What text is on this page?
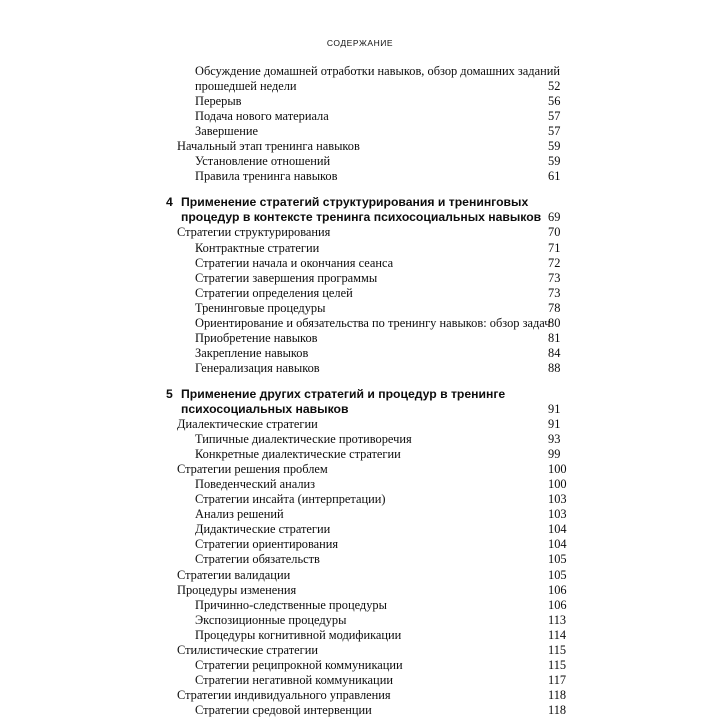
СОДЕРЖАНИЕ
Обсуждение домашней отработки навыков, обзор домашних заданий
прошедшей недели	52
Перерыв	56
Подача нового материала	57
Завершение	57
Начальный этап тренинга навыков	59
Установление отношений	59
Правила тренинга навыков	61
4 Применение стратегий структурирования и тренинговых
процедур в контексте тренинга психосоциальных навыков 69
Стратегии структурирования	70
Контрактные стратегии	71
Стратегии начала и окончания сеанса	72
Стратегии завершения программы	73
Стратегии определения целей	73
Тренинговые процедуры	78
Ориентирование и обязательства по тренингу навыков: обзор задач
80
Приобретение навыков	81
Закрепление навыков	84
Генерализация навыков	88
5 Применение других стратегий и процедур в тренинге
психосоциальных навыков	91
Диалектические стратегии	91
Типичные диалектические противоречия	93
Конкретные диалектические стратегии	99
Стратегии решения проблем	100
Поведенческий анализ	100
Стратегии инсайта (интерпретации)	103
Анализ решений	103
Дидактические стратегии	104
Стратегии ориентирования	104
Стратегии обязательств	105
Стратегии валидации	105
Процедуры изменения	106
Причинно-следственные процедуры	106
Экспозиционные процедуры	113
Процедуры когнитивной модификации	114
Стилистические стратегии	115
Стратегии реципрокной коммуникации	115
Стратегии негативной коммуникации	117
Стратегии индивидуального управления	118
Стратегии средовой интервенции	118
